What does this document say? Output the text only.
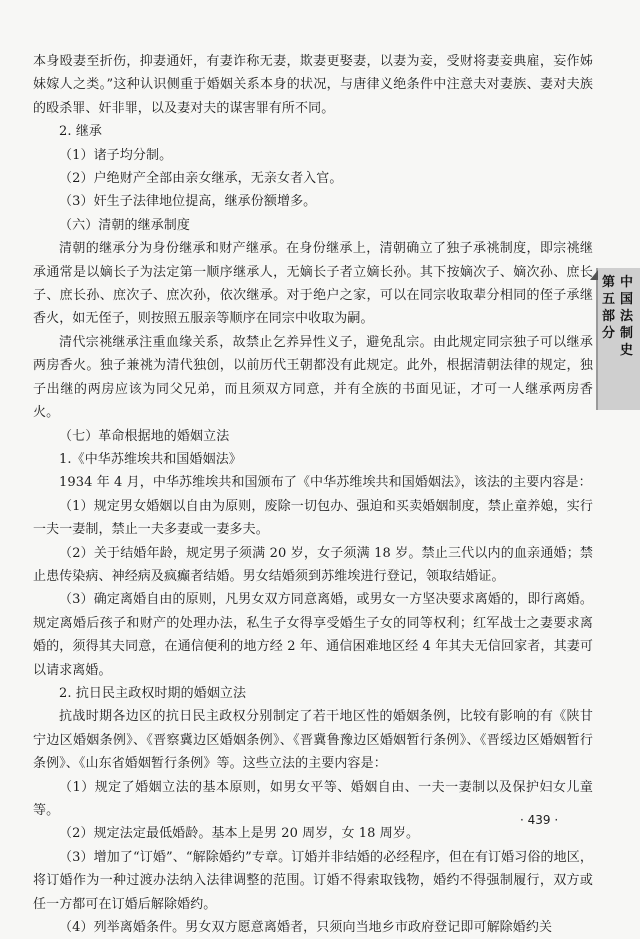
本身殴妻至折伤，抑妻通奸，有妻诈称无妻，欺妻更娶妻，以妻为妾，受财将妻妾典雇，妄作姊妹嫁人之类。”这种认识侧重于婚姻关系本身的状况，与唐律义绝条件中注意夫对妻族、妻对夫族的殴杀罪、奸非罪，以及妻对夫的谋害罪有所不同。

2. 继承

（1）诸子均分制。

（2）户绝财产全部由亲女继承，无亲女者入官。

（3）奸生子法律地位提高，继承份额增多。

（六）清朝的继承制度

清朝的继承分为身份继承和财产继承。在身份继承上，清朝确立了独子承祧制度，即宗祧继承通常是以嫡长子为法定第一顺序继承人，无嫡长子者立嫡长孙。其下按嫡次子、嫡次孙、庶长子、庶长孙、庶次子、庶次孙，依次继承。对于绝户之家，可以在同宗收取辈分相同的侄子承继香火，如无侄子，则按照五服亲等顺序在同宗中收取为嗣。

清代宗祧继承注重血缘关系，故禁止乞养异性义子，避免乱宗。由此规定同宗独子可以继承两房香火。独子兼祧为清代独创，以前历代王朝都没有此规定。此外，根据清朝法律的规定，独子出继的两房应该为同父兄弟，而且须双方同意，并有全族的书面见证，才可一人继承两房香火。

（七）革命根据地的婚姻立法

1.《中华苏维埃共和国婚姻法》

1934 年 4 月，中华苏维埃共和国颁布了《中华苏维埃共和国婚姻法》，该法的主要内容是：

（1）规定男女婚姻以自由为原则，废除一切包办、强迫和买卖婚姻制度，禁止童养媳，实行一夫一妻制，禁止一夫多妻或一妻多夫。

（2）关于结婚年龄，规定男子须满 20 岁，女子须满 18 岁。禁止三代以内的血亲通婚；禁止患传染病、神经病及疯癫者结婚。男女结婚须到苏维埃进行登记，领取结婚证。

（3）确定离婚自由的原则，凡男女双方同意离婚，或男女一方坚决要求离婚的，即行离婚。规定离婚后孩子和财产的处理办法，私生子女得享受婚生子女的同等权利；红军战士之妻要求离婚的，须得其夫同意，在通信便利的地方经 2 年、通信困难地区经 4 年其夫无信回家者，其妻可以请求离婚。

2. 抗日民主政权时期的婚姻立法

抗战时期各边区的抗日民主政权分别制定了若干地区性的婚姻条例，比较有影响的有《陕甘宁边区婚姻条例》、《晋察冀边区婚姻条例》、《晋冀鲁豫边区婚姻暂行条例》、《晋绥边区婚姻暂行条例》、《山东省婚姻暂行条例》等。这些立法的主要内容是：

（1）规定了婚姻立法的基本原则，如男女平等、婚姻自由、一夫一妻制以及保护妇女儿童等。

（2）规定法定最低婚龄。基本上是男 20 周岁，女 18 周岁。

（3）增加了“订婚”、“解除婚约”专章。订婚并非结婚的必经程序，但在有订婚习俗的地区，将订婚作为一种过渡办法纳入法律调整的范围。订婚不得索取钱物，婚约不得强制履行，双方或任一方都可在订婚后解除婚约。

（4）列举离婚条件。男女双方愿意离婚者，只须向当地乡市政府登记即可解除婚约关

第五部分
中国法制史
· 439 ·
